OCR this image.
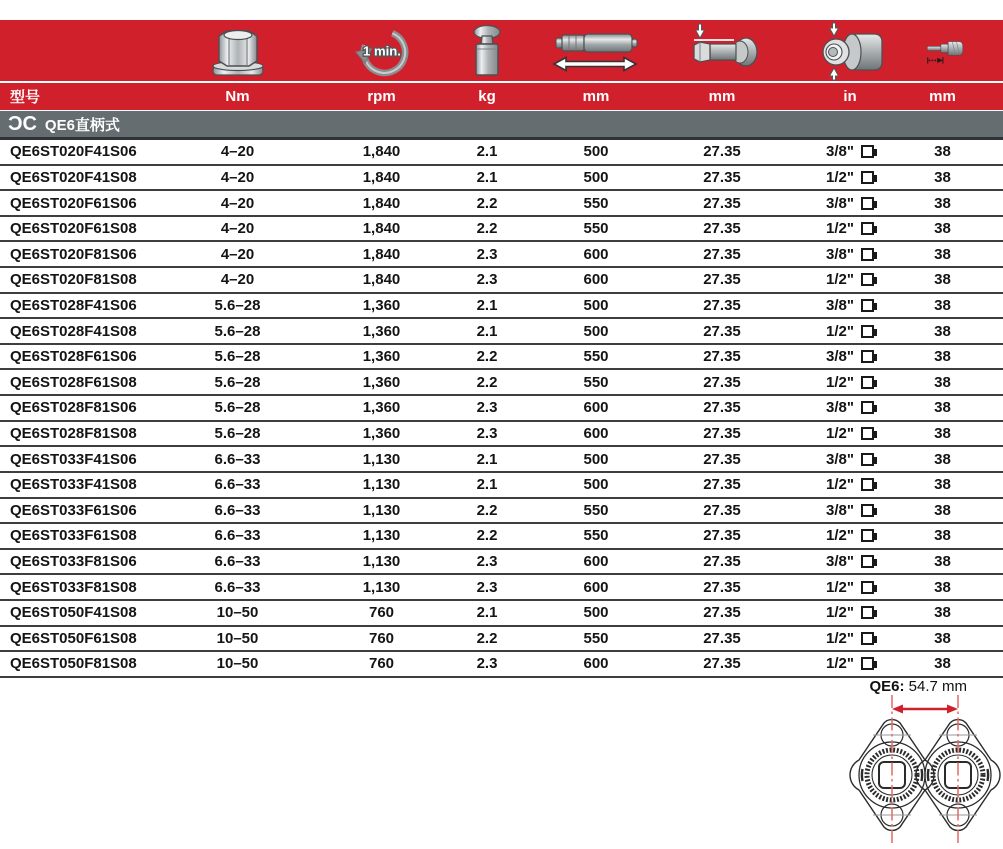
1 min.
型号	Nm	rpm	kg	mm	mm	in	mm
C C QE6直柄式
QE6ST020F41S06	4–20	1,840	2.1	500	27.35	3/8"	38
QE6ST020F41S08	4–20	1,840	2.1	500	27.35	1/2"	38
QE6ST020F61S06	4–20	1,840	2.2	550	27.35	3/8"	38
QE6ST020F61S08	4–20	1,840	2.2	550	27.35	1/2"	38
QE6ST020F81S06	4–20	1,840	2.3	600	27.35	3/8"	38
QE6ST020F81S08	4–20	1,840	2.3	600	27.35	1/2"	38
QE6ST028F41S06	5.6–28	1,360	2.1	500	27.35	3/8"	38
QE6ST028F41S08	5.6–28	1,360	2.1	500	27.35	1/2"	38
QE6ST028F61S06	5.6–28	1,360	2.2	550	27.35	3/8"	38
QE6ST028F61S08	5.6–28	1,360	2.2	550	27.35	1/2"	38
QE6ST028F81S06	5.6–28	1,360	2.3	600	27.35	3/8"	38
QE6ST028F81S08	5.6–28	1,360	2.3	600	27.35	1/2"	38
QE6ST033F41S06	6.6–33	1,130	2.1	500	27.35	3/8"	38
QE6ST033F41S08	6.6–33	1,130	2.1	500	27.35	1/2"	38
QE6ST033F61S06	6.6–33	1,130	2.2	550	27.35	3/8"	38
QE6ST033F61S08	6.6–33	1,130	2.2	550	27.35	1/2"	38
QE6ST033F81S06	6.6–33	1,130	2.3	600	27.35	3/8"	38
QE6ST033F81S08	6.6–33	1,130	2.3	600	27.35	1/2"	38
QE6ST050F41S08	10–50	760	2.1	500	27.35	1/2"	38
QE6ST050F61S08	10–50	760	2.2	550	27.35	1/2"	38
QE6ST050F81S08	10–50	760	2.3	600	27.35	1/2"	38
QE6: 54.7 mm
